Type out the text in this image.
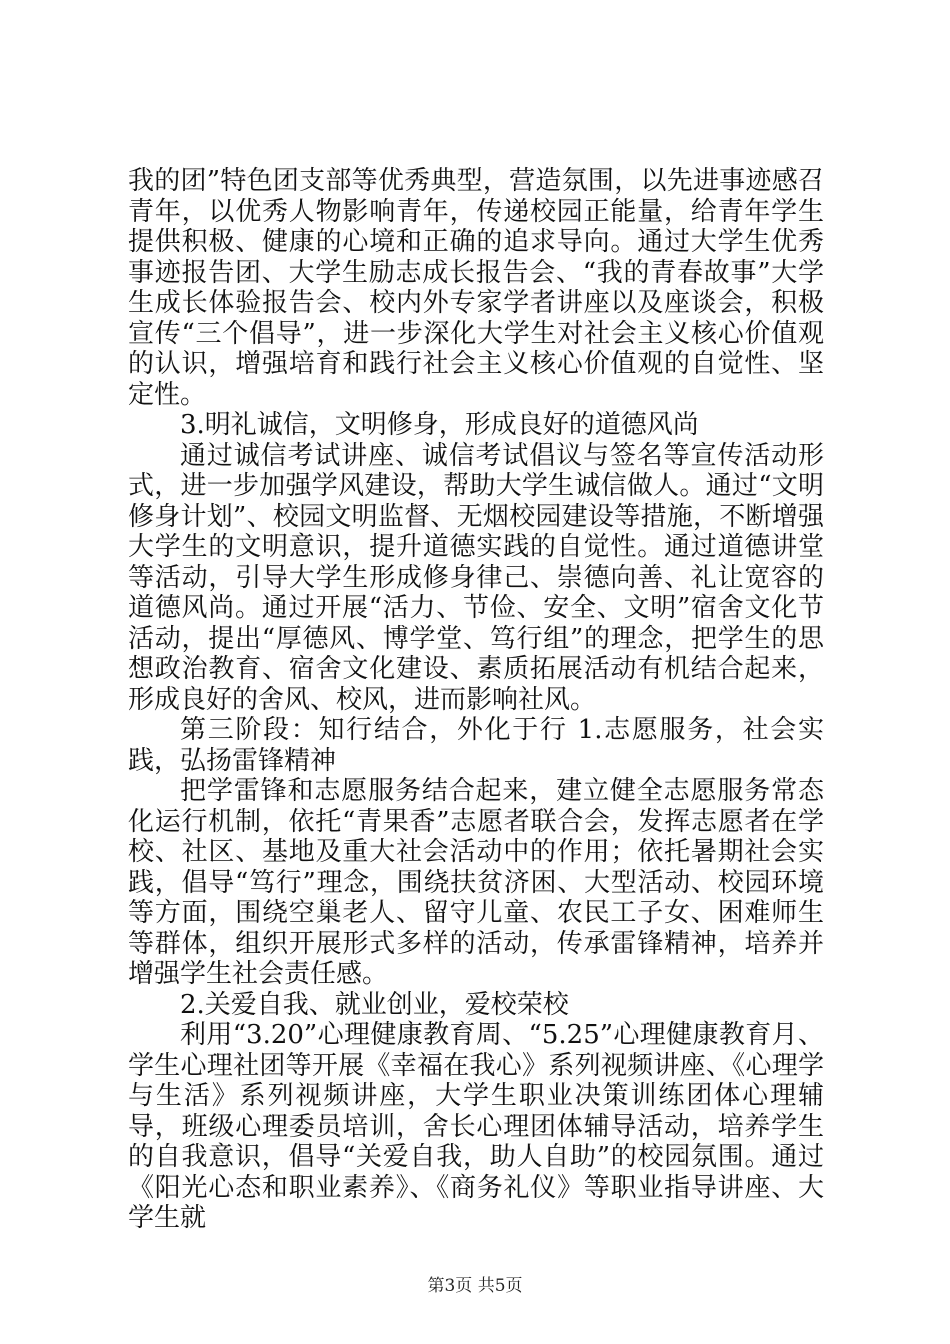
我的团”特色团支部等优秀典型，营造氛围，以先进事迹感召青年，以优秀人物影响青年，传递校园正能量，给青年学生提供积极、健康的心境和正确的追求导向。通过大学生优秀事迹报告团、大学生励志成长报告会、“我的青春故事”大学生成长体验报告会、校内外专家学者讲座以及座谈会，积极宣传“三个倡导”，进一步深化大学生对社会主义核心价值观的认识，增强培育和践行社会主义核心价值观的自觉性、坚定性。

3.明礼诚信，文明修身，形成良好的道德风尚

通过诚信考试讲座、诚信考试倡议与签名等宣传活动形式，进一步加强学风建设，帮助大学生诚信做人。通过“文明修身计划”、校园文明监督、无烟校园建设等措施，不断增强大学生的文明意识，提升道德实践的自觉性。通过道德讲堂等活动，引导大学生形成修身律己、崇德向善、礼让宽容的道德风尚。通过开展“活力、节俭、安全、文明”宿舍文化节活动，提出“厚德风、博学堂、笃行组”的理念，把学生的思想政治教育、宿舍文化建设、素质拓展活动有机结合起来，形成良好的舍风、校风，进而影响社风。

第三阶段：知行结合，外化于行 1.志愿服务，社会实践，弘扬雷锋精神

把学雷锋和志愿服务结合起来，建立健全志愿服务常态化运行机制，依托“青果香”志愿者联合会，发挥志愿者在学校、社区、基地及重大社会活动中的作用；依托暑期社会实践，倡导“笃行”理念，围绕扶贫济困、大型活动、校园环境等方面，围绕空巢老人、留守儿童、农民工子女、困难师生等群体，组织开展形式多样的活动，传承雷锋精神，培养并增强学生社会责任感。

2.关爱自我、就业创业，爱校荣校

利用“3.20”心理健康教育周、“5.25”心理健康教育月、学生心理社团等开展《幸福在我心》系列视频讲座、《心理学与生活》系列视频讲座，大学生职业决策训练团体心理辅导，班级心理委员培训，舍长心理团体辅导活动，培养学生的自我意识，倡导“关爱自我，助人自助”的校园氛围。通过《阳光心态和职业素养》、《商务礼仪》等职业指导讲座、大学生就

第3页 共5页
